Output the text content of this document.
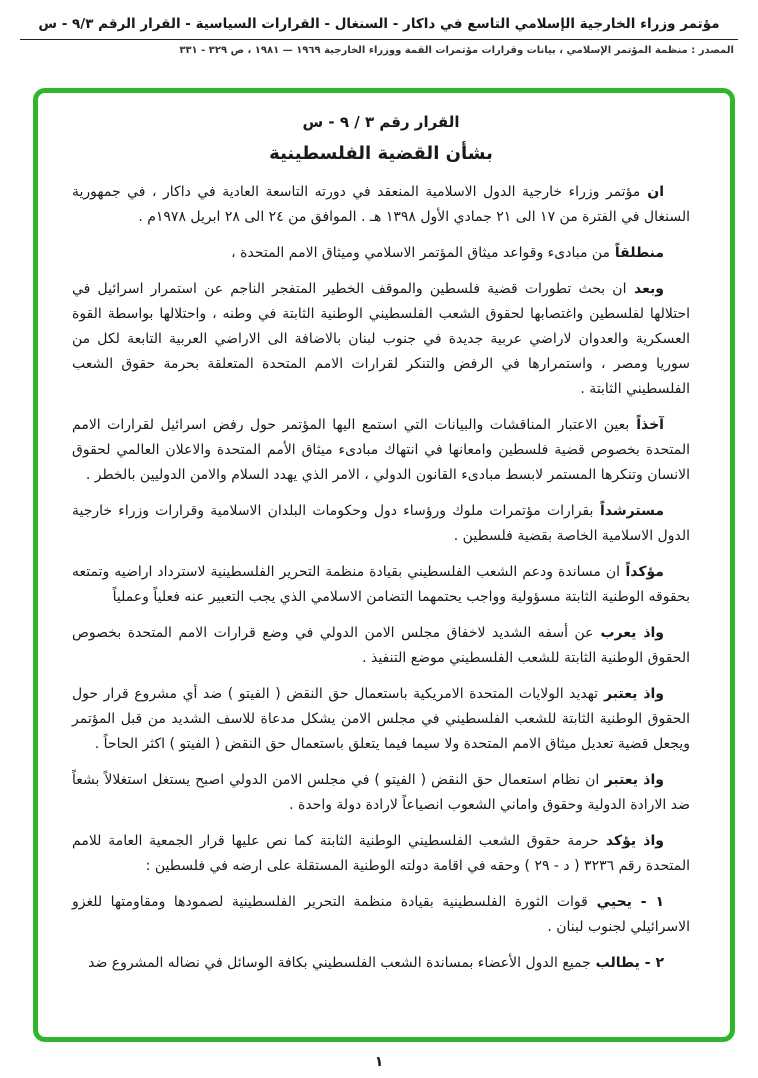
مؤتمر وزراء الخارجية الإسلامي التاسع في داكار - السنغال - القرارات السياسية - القرار الرقم ٩/٣ - س
المصدر : منظمة المؤتمر الإسلامي ، بيانات وقرارات مؤتمرات القمة ووزراء الخارجية ١٩٦٩ — ١٩٨١ ، ص ٣٢٩ - ٣٣١
القرار رقم ٣ / ٩ - س
بشأن القضية الفلسطينية

ان مؤتمر وزراء خارجية الدول الاسلامية المنعقد في دورته التاسعة العادية في داكار ، في جمهورية السنغال في الفترة من ١٧ الى ٢١ جمادي الأول ١٣٩٨ هـ . الموافق من ٢٤ الى ٢٨ ابريل ١٩٧٨م .

منطلقاً من مبادىء وقواعد ميثاق المؤتمر الاسلامي وميثاق الامم المتحدة ،

وبعد ان بحث تطورات قضية فلسطين والموقف الخطير المتفجر الناجم عن استمرار اسرائيل في احتلالها لفلسطين واغتصابها لحقوق الشعب الفلسطيني الوطنية الثابتة في وطنه ، واحتلالها بواسطة القوة العسكرية والعدوان لاراضي عربية جديدة في جنوب لبنان بالاضافة الى الاراضي العربية التابعة لكل من سوريا ومصر ، واستمرارها في الرفض والتنكر لقرارات الامم المتحدة المتعلقة بحرمة حقوق الشعب الفلسطيني الثابتة .

آخذاً بعين الاعتبار المناقشات والبيانات التي استمع اليها المؤتمر حول رفض اسرائيل لقرارات الامم المتحدة بخصوص قضية فلسطين وامعانها في انتهاك مبادىء ميثاق الأمم المتحدة والاعلان العالمي لحقوق الانسان وتنكرها المستمر لابسط مبادىء القانون الدولي ، الامر الذي يهدد السلام والامن الدوليين بالخطر .

مسترشداً بقرارات مؤتمرات ملوك ورؤساء دول وحكومات البلدان الاسلامية وقرارات وزراء خارجية الدول الاسلامية الخاصة بقضية فلسطين .

مؤكداً ان مساندة ودعم الشعب الفلسطيني بقيادة منظمة التحرير الفلسطينية لاسترداد اراضيه وتمتعه بحقوقه الوطنية الثابتة مسؤولية وواجب يحتمهما التضامن الاسلامي الذي يجب التعبير عنه فعلياً وعملياً

واذ يعرب عن أسفه الشديد لاخفاق مجلس الامن الدولي في وضع قرارات الامم المتحدة بخصوص الحقوق الوطنية الثابتة للشعب الفلسطيني موضع التنفيذ .

واذ يعتبر تهديد الولايات المتحدة الامريكية باستعمال حق النقض ( الفيتو ) ضد أي مشروع قرار حول الحقوق الوطنية الثابتة للشعب الفلسطيني في مجلس الامن يشكل مدعاة للاسف الشديد من قبل المؤتمر ويجعل قضية تعديل ميثاق الامم المتحدة ولا سيما فيما يتعلق باستعمال حق النقض ( الفيتو ) اكثر الحاحاً .

واذ يعتبر ان نظام استعمال حق النقض ( الفيتو ) في مجلس الامن الدولي اصبح يستغل استغلالاً بشعاً ضد الارادة الدولية وحقوق واماني الشعوب انصياعاً لارادة دولة واحدة .

واذ يؤكد حرمة حقوق الشعب الفلسطيني الوطنية الثابتة كما نص عليها قرار الجمعية العامة للامم المتحدة رقم ٣٢٣٦ ( د - ٢٩ ) وحقه في اقامة دولته الوطنية المستقلة على ارضه في فلسطين :

١ - يحيي قوات الثورة الفلسطينية بقيادة منظمة التحرير الفلسطينية لصمودها ومقاومتها للغزو الاسرائيلي لجنوب لبنان .

٢ - يطالب جميع الدول الأعضاء بمساندة الشعب الفلسطيني بكافة الوسائل في نضاله المشروع ضد

١
